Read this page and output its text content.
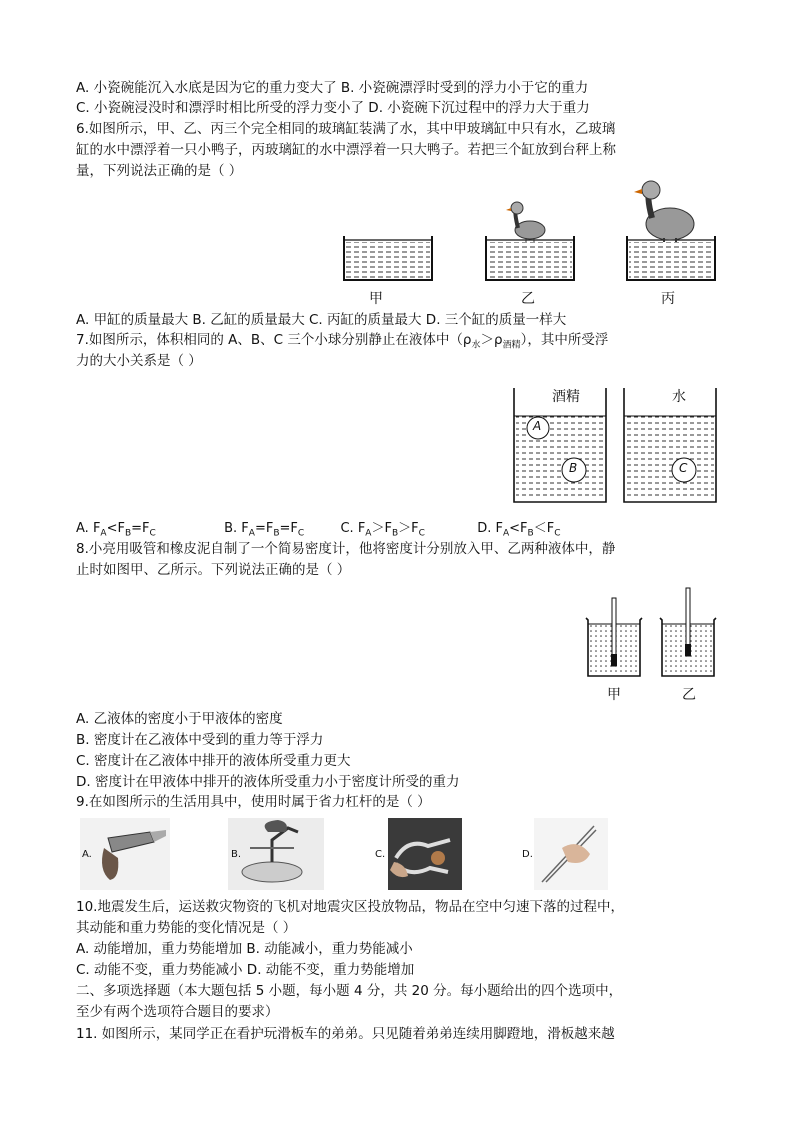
A. 小瓷碗能沉入水底是因为它的重力变大了 B. 小瓷碗漂浮时受到的浮力小于它的重力
C. 小瓷碗浸没时和漂浮时相比所受的浮力变小了 D. 小瓷碗下沉过程中的浮力大于重力
6.如图所示，甲、乙、丙三个完全相同的玻璃缸装满了水，其中甲玻璃缸中只有水，乙玻璃
缸的水中漂浮着一只小鸭子，丙玻璃缸的水中漂浮着一只大鸭子。若把三个缸放到台秤上称
量，下列说法正确的是（ ）
甲	乙	丙
A. 甲缸的质量最大 B. 乙缸的质量最大 C. 丙缸的质量最大 D. 三个缸的质量一样大
7.如图所示，体积相同的 A、B、C 三个小球分别静止在液体中$(\rho_水>\rho_{酒精})$，其中所受浮
力的大小关系是（ ）
酒精	水
A
B	C
A. $F_A<F_B=F_C$	B. $F_A=F_B=F_C$	C. $F_A>F_B>F_C$	D. $F_A<F_B<F_C$
8.小亮用吸管和橡皮泥自制了一个简易密度计，他将密度计分别放入甲、乙两种液体中，静
止时如图甲、乙所示。下列说法正确的是（ ）
甲	乙
A. 乙液体的密度小于甲液体的密度
B. 密度计在乙液体中受到的重力等于浮力
C. 密度计在乙液体中排开的液体所受重力更大
D. 密度计在甲液体中排开的液体所受重力小于密度计所受的重力
9.在如图所示的生活用具中，使用时属于省力杠杆的是（ ）
A.	B.	C.	D.
10.地震发生后，运送救灾物资的飞机对地震灾区投放物品，物品在空中匀速下落的过程中，
其动能和重力势能的变化情况是（ ）
A. 动能增加，重力势能增加 B. 动能减小，重力势能减小
C. 动能不变，重力势能减小 D. 动能不变，重力势能增加
二、多项选择题（本大题包括 5 小题，每小题 4 分，共 20 分。每小题给出的四个选项中，
至少有两个选项符合题目的要求）
11. 如图所示，某同学正在看护玩滑板车的弟弟。只见随着弟弟连续用脚蹬地，滑板越来越
